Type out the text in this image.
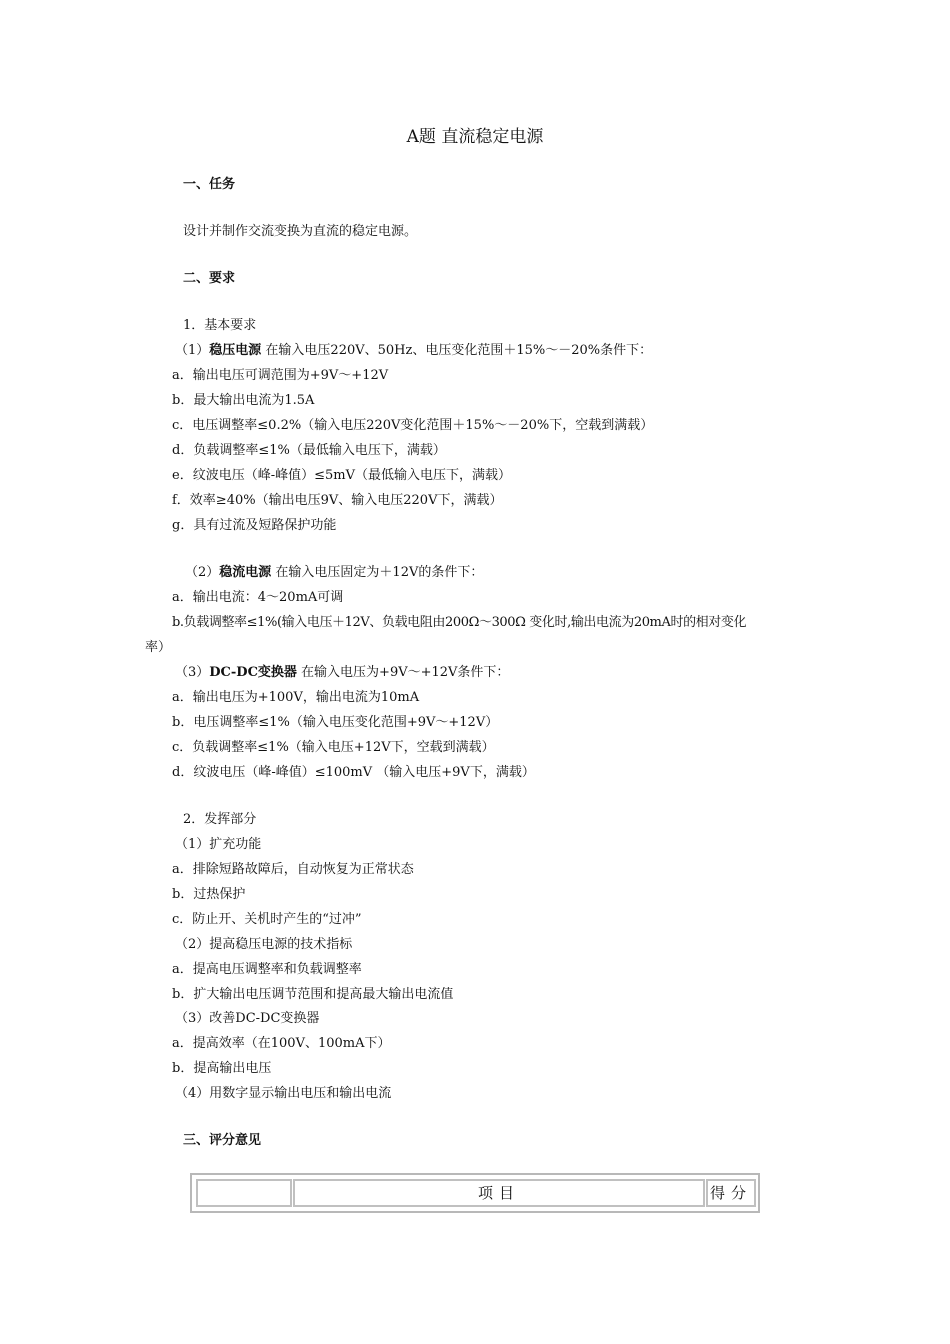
A题 直流稳定电源
一、任务
设计并制作交流变换为直流的稳定电源。
二、要求
1．基本要求
（1）稳压电源 在输入电压220V、50Hz、电压变化范围＋15%～－20%条件下：
a．输出电压可调范围为+9V～+12V
b．最大输出电流为1.5A
c．电压调整率≤0.2%（输入电压220V变化范围＋15%～－20%下，空载到满载）
d．负载调整率≤1%（最低输入电压下，满载）
e．纹波电压（峰-峰值）≤5mV（最低输入电压下，满载）
f．效率≥40%（输出电压9V、输入电压220V下，满载）
g．具有过流及短路保护功能
（2）稳流电源 在输入电压固定为＋12V的条件下：
a．输出电流：4～20mA可调
b.负载调整率≤1%(输入电压＋12V、负载电阻由200Ω～300Ω 变化时,输出电流为20mA时的相对变化
率）
（3）DC-DC变换器 在输入电压为+9V～+12V条件下：
a．输出电压为+100V，输出电流为10mA
b．电压调整率≤1%（输入电压变化范围+9V～+12V）
c．负载调整率≤1%（输入电压+12V下，空载到满载）
d．纹波电压（峰-峰值）≤100mV （输入电压+9V下，满载）
2．发挥部分
（1）扩充功能
a．排除短路故障后，自动恢复为正常状态
b．过热保护
c．防止开、关机时产生的“过冲”
（2）提高稳压电源的技术指标
a．提高电压调整率和负载调整率
b．扩大输出电压调节范围和提高最大输出电流值
（3）改善DC-DC变换器
a．提高效率（在100V、100mA下）
b．提高输出电压
（4）用数字显示输出电压和输出电流
三、评分意见
项目	得分
